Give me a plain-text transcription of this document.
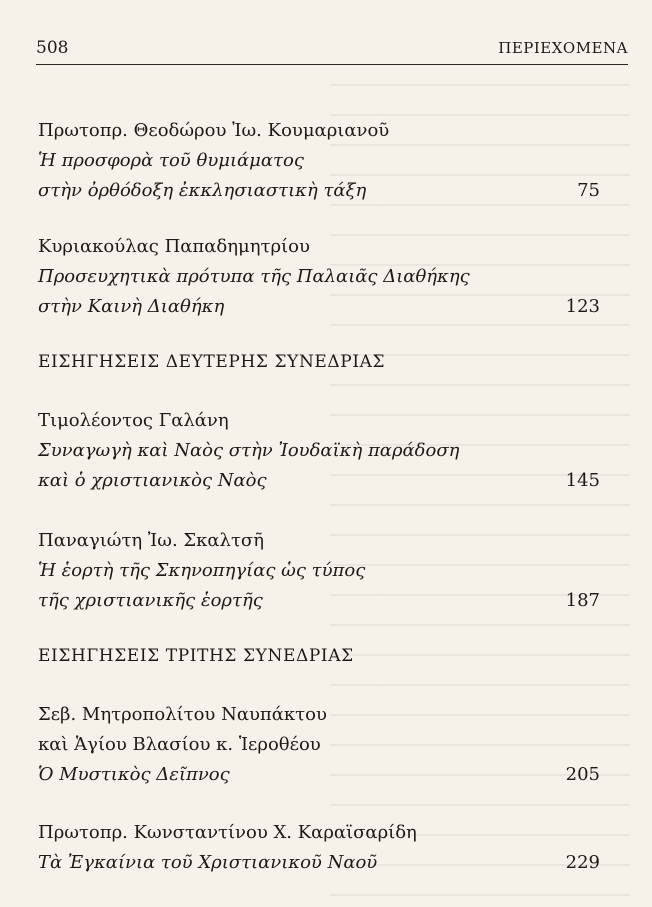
508	ΠΕΡΙΕΧΟΜΕΝΑ
Πρωτοπρ. Θεοδώρου Ἰω. Κουμαριανοῦ
Ἡ προσφορὰ τοῦ θυμιάματος
στὴν ὀρθόδοξη ἐκκλησιαστικὴ τάξη	75
Κυριακούλας Παπαδημητρίου
Προσευχητικὰ πρότυπα τῆς Παλαιᾶς Διαθήκης
στὴν Καινὴ Διαθήκη	123
ΕΙΣΗΓΗΣΕΙΣ ΔΕΥΤΕΡΗΣ ΣΥΝΕΔΡΙΑΣ
Τιμολέοντος Γαλάνη
Συναγωγὴ καὶ Ναὸς στὴν Ἰουδαϊκὴ παράδοση
καὶ ὁ χριστιανικὸς Ναὸς	145
Παναγιώτη Ἰω. Σκαλτσῆ
Ἡ ἑορτὴ τῆς Σκηνοπηγίας ὡς τύπος
τῆς χριστιανικῆς ἑορτῆς	187
ΕΙΣΗΓΗΣΕΙΣ ΤΡΙΤΗΣ ΣΥΝΕΔΡΙΑΣ
Σεβ. Μητροπολίτου Ναυπάκτου
καὶ Ἁγίου Βλασίου κ. Ἱεροθέου
Ὁ Μυστικὸς Δεῖπνος	205
Πρωτοπρ. Κωνσταντίνου Χ. Καραϊσαρίδη
Τὰ Ἐγκαίνια τοῦ Χριστιανικοῦ Ναοῦ	229
